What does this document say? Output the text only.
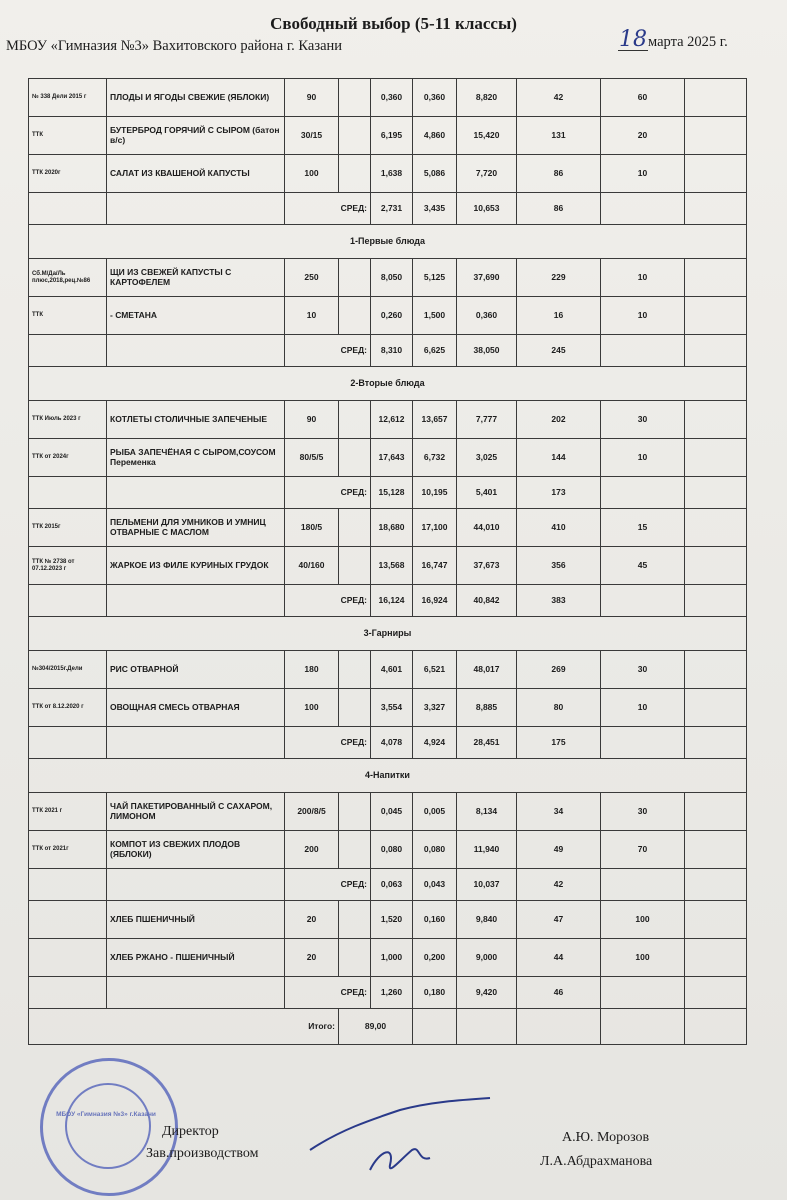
Свободный выбор (5-11 классы)
МБОУ «Гимназия №3» Вахитовского района г. Казани	18марта 2025 г.
№ 338 Дели 2015 г	ПЛОДЫ И ЯГОДЫ СВЕЖИЕ (ЯБЛОКИ)	90		0,360	0,360	8,820	42	60	
ТТК	БУТЕРБРОД ГОРЯЧИЙ С СЫРОМ (батон в/с)	30/15		6,195	4,860	15,420	131	20	
ТТК 2020г	САЛАТ ИЗ КВАШЕНОЙ КАПУСТЫ	100		1,638	5,086	7,720	86	10	
		СРЕД:		2,731	3,435	10,653	86		
1-Первые блюда									
Сб.М/Да/Ль плюс,2018,рец.№86	ЩИ ИЗ СВЕЖЕЙ КАПУСТЫ С КАРТОФЕЛЕМ	250		8,050	5,125	37,690	229	10	
ТТК	- СМЕТАНА	10		0,260	1,500	0,360	16	10	
		СРЕД:		8,310	6,625	38,050	245		
2-Вторые блюда									
ТТК Июль 2023 г	КОТЛЕТЫ СТОЛИЧНЫЕ ЗАПЕЧЕНЫЕ	90		12,612	13,657	7,777	202	30	
ТТК от 2024г	РЫБА ЗАПЕЧЁНАЯ С СЫРОМ,СОУСОМ Переменка	80/5/5		17,643	6,732	3,025	144	10	
		СРЕД:		15,128	10,195	5,401	173		
ТТК 2015г	ПЕЛЬМЕНИ ДЛЯ УМНИКОВ И УМНИЦ ОТВАРНЫЕ С МАСЛОМ	180/5		18,680	17,100	44,010	410	15	
ТТК № 2738 от 07.12.2023 г	ЖАРКОЕ ИЗ ФИЛЕ КУРИНЫХ ГРУДОК	40/160		13,568	16,747	37,673	356	45	
		СРЕД:		16,124	16,924	40,842	383		
3-Гарниры									
№304/2015г.Дели	РИС ОТВАРНОЙ	180		4,601	6,521	48,017	269	30	
ТТК от 8.12.2020 г	ОВОЩНАЯ СМЕСЬ ОТВАРНАЯ	100		3,554	3,327	8,885	80	10	
		СРЕД:		4,078	4,924	28,451	175		
4-Напитки									
ТТК 2021 г	ЧАЙ ПАКЕТИРОВАННЫЙ С САХАРОМ, ЛИМОНОМ	200/8/5		0,045	0,005	8,134	34	30	
ТТК от 2021г	КОМПОТ ИЗ СВЕЖИХ ПЛОДОВ (ЯБЛОКИ)	200		0,080	0,080	11,940	49	70	
		СРЕД:		0,063	0,043	10,037	42		
	ХЛЕБ ПШЕНИЧНЫЙ	20		1,520	0,160	9,840	47	100	
	ХЛЕБ РЖАНО - ПШЕНИЧНЫЙ	20		1,000	0,200	9,000	44	100	
		СРЕД:		1,260	0,180	9,420	46		
Итого:			89,00						
МБОУ «Гимназия №3» г.Казани
Директор
Зав.производством
А.Ю. Морозов
Л.А.Абдрахманова
